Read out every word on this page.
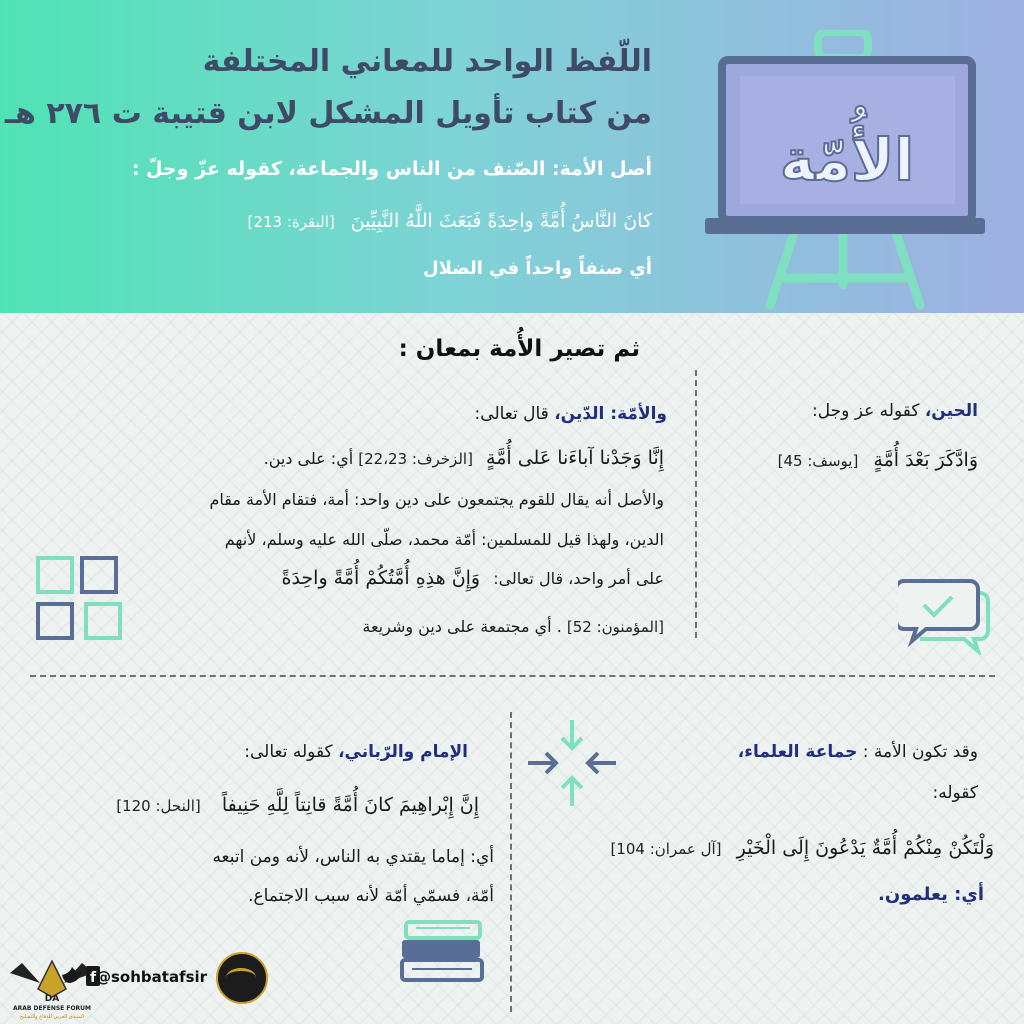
اللّفظ الواحد للمعاني المختلفة
من كتاب تأويل المشكل لابن قتيبة ت ٢٧٦ هـ
أصل الأمة: الصّنف من الناس والجماعة، كقوله عزّ وجلّ :
كانَ النَّاسُ أُمَّةً واحِدَةً فَبَعَثَ اللَّهُ النَّبِيِّينَ [البقرة: 213]
أي صنفاً واحداً في الضلال
الأُمّة
ثم تصير الأُمة بمعان :
الحين، كقوله عز وجل:
وَادَّكَرَ بَعْدَ أُمَّةٍ [يوسف: 45]
والأمّة: الدّين، قال تعالى:
إِنَّا وَجَدْنا آباءَنا عَلى أُمَّةٍ [الزخرف: 22،23] أي: على دين.
والأصل أنه يقال للقوم يجتمعون على دين واحد: أمة، فتقام الأمة مقام
الدين، ولهذا قيل للمسلمين: أمّة محمد، صلّى الله عليه وسلم، لأنهم
على أمر واحد، قال تعالى: وَإِنَّ هذِهِ أُمَّتُكُمْ أُمَّةً واحِدَةً
[المؤمنون: 52] . أي مجتمعة على دين وشريعة
وقد تكون الأمة : جماعة العلماء،
كقوله:
وَلْتَكُنْ مِنْكُمْ أُمَّةٌ يَدْعُونَ إِلَى الْخَيْرِ [آل عمران: 104]
أي: يعلمون.
الإمام والرّباني، كقوله تعالى:
إِنَّ إِبْراهِيمَ كانَ أُمَّةً قانِتاً لِلَّهِ حَنِيفاً [النحل: 120]
أي: إماما يقتدي به الناس، لأنه ومن اتبعه
أمّة، فسمّي أمّة لأنه سبب الاجتماع.
DA
ARAB DEFENSE FORUM
المنتدى العربي للدفاع والتسليح
f @sohbatafsir
